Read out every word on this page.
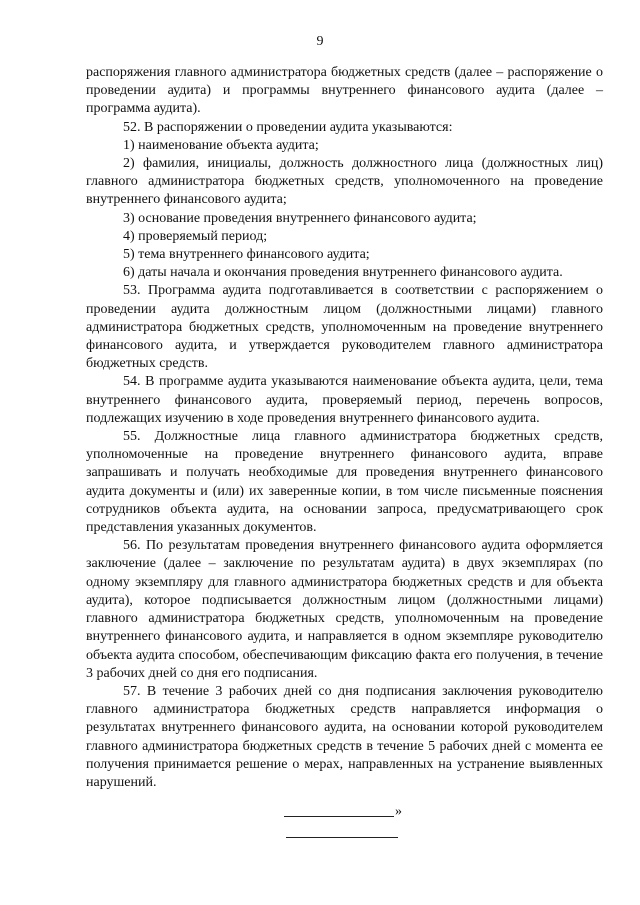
9

распоряжения главного администратора бюджетных средств (далее – распоряжение о проведении аудита) и программы внутреннего финансового аудита (далее – программа аудита).

52. В распоряжении о проведении аудита указываются:

1) наименование объекта аудита;

2) фамилия, инициалы, должность должностного лица (должностных лиц) главного администратора бюджетных средств, уполномоченного на проведение внутреннего финансового аудита;

3) основание проведения внутреннего финансового аудита;

4) проверяемый период;

5) тема внутреннего финансового аудита;

6) даты начала и окончания проведения внутреннего финансового аудита.

53. Программа аудита подготавливается в соответствии с распоряжением о проведении аудита должностным лицом (должностными лицами) главного администратора бюджетных средств, уполномоченным на проведение внутреннего финансового аудита, и утверждается руководителем главного администратора бюджетных средств.

54. В программе аудита указываются наименование объекта аудита, цели, тема внутреннего финансового аудита, проверяемый период, перечень вопросов, подлежащих изучению в ходе проведения внутреннего финансового аудита.

55. Должностные лица главного администратора бюджетных средств, уполномоченные на проведение внутреннего финансового аудита, вправе запрашивать и получать необходимые для проведения внутреннего финансового аудита документы и (или) их заверенные копии, в том числе письменные пояснения сотрудников объекта аудита, на основании запроса, предусматривающего срок представления указанных документов.

56. По результатам проведения внутреннего финансового аудита оформляется заключение (далее – заключение по результатам аудита) в двух экземплярах (по одному экземпляру для главного администратора бюджетных средств и для объекта аудита), которое подписывается должностным лицом (должностными лицами) главного администратора бюджетных средств, уполномоченным на проведение внутреннего финансового аудита, и направляется в одном экземпляре руководителю объекта аудита способом, обеспечивающим фиксацию факта его получения, в течение 3 рабочих дней со дня его подписания.

57. В течение 3 рабочих дней со дня подписания заключения руководителю главного администратора бюджетных средств направляется информация о результатах внутреннего финансового аудита, на основании которой руководителем главного администратора бюджетных средств в течение 5 рабочих дней с момента ее получения принимается решение о мерах, направленных на устранение выявленных нарушений.

»
